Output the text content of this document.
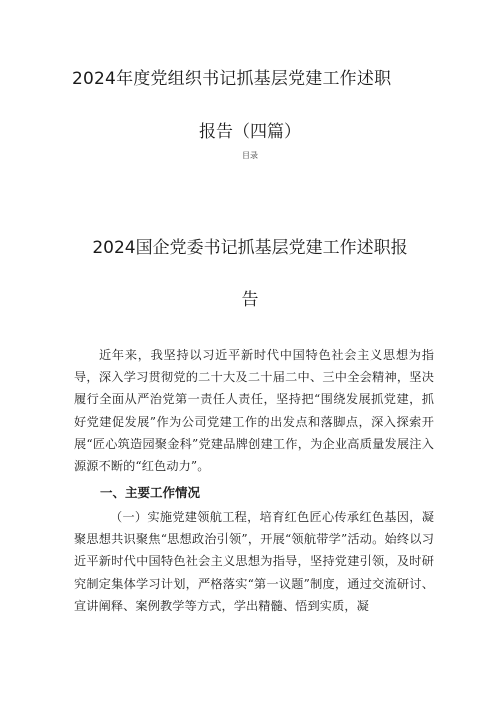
2024年度党组织书记抓基层党建工作述职
报告（四篇）
目录
2024国企党委书记抓基层党建工作述职报
告
近年来，我坚持以习近平新时代中国特色社会主义思想为指导，深入学习贯彻党的二十大及二十届二中、三中全会精神，坚决履行全面从严治党第一责任人责任，坚持把“围绕发展抓党建，抓好党建促发展”作为公司党建工作的出发点和落脚点，深入探索开展“匠心筑造园聚金科”党建品牌创建工作，为企业高质量发展注入源源不断的“红色动力”。
一、主要工作情况
（一）实施党建领航工程，培育红色匠心传承红色基因，凝聚思想共识聚焦“思想政治引领”，开展“领航带学”活动。始终以习近平新时代中国特色社会主义思想为指导，坚持党建引领，及时研究制定集体学习计划，严格落实“第一议题”制度，通过交流研讨、宣讲阐释、案例教学等方式，学出精髓、悟到实质，凝
